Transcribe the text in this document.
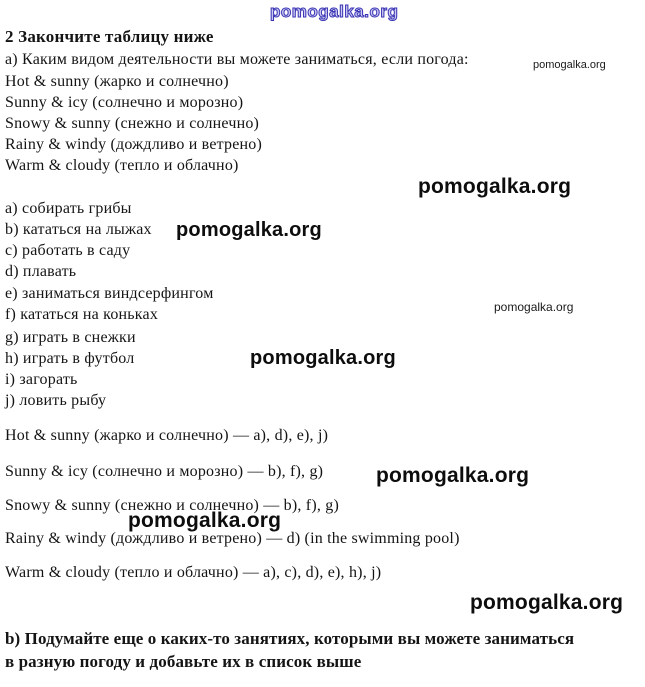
pomogalka.org
2 Закончите таблицу ниже
а) Каким видом деятельности вы можете заниматься, если погода:	pomogalka.org
Hot & sunny (жарко и солнечно)
Sunny & icy (солнечно и морозно)
Snowy & sunny (снежно и солнечно)
Rainy & windy (дождливо и ветрено)
Warm & cloudy (тепло и облачно)
pomogalka.org
a) собирать грибы
b) кататься на лыжах pomogalka.org
c) работать в саду
d) плавать
e) заниматься виндсерфингом
pomogalka.org
f) кататься на коньках
g) играть в снежки
h) играть в футбол	pomogalka.org
i) загорать
j) ловить рыбу
Hot & sunny (жарко и солнечно) — a), d), e), j)
Sunny & icy (солнечно и морозно) — b), f), g)	pomogalka.org
Snowy & sunny (снежно и солнечно) — b), f), g)
pomogalka.org
Rainy & windy (дождливо и ветрено) — d) (in the swimming pool)
Warm & cloudy (тепло и облачно) — a), c), d), e), h), j)
pomogalka.org
b) Подумайте еще о каких-то занятиях, которыми вы можете заниматься
в разную погоду и добавьте их в список выше
